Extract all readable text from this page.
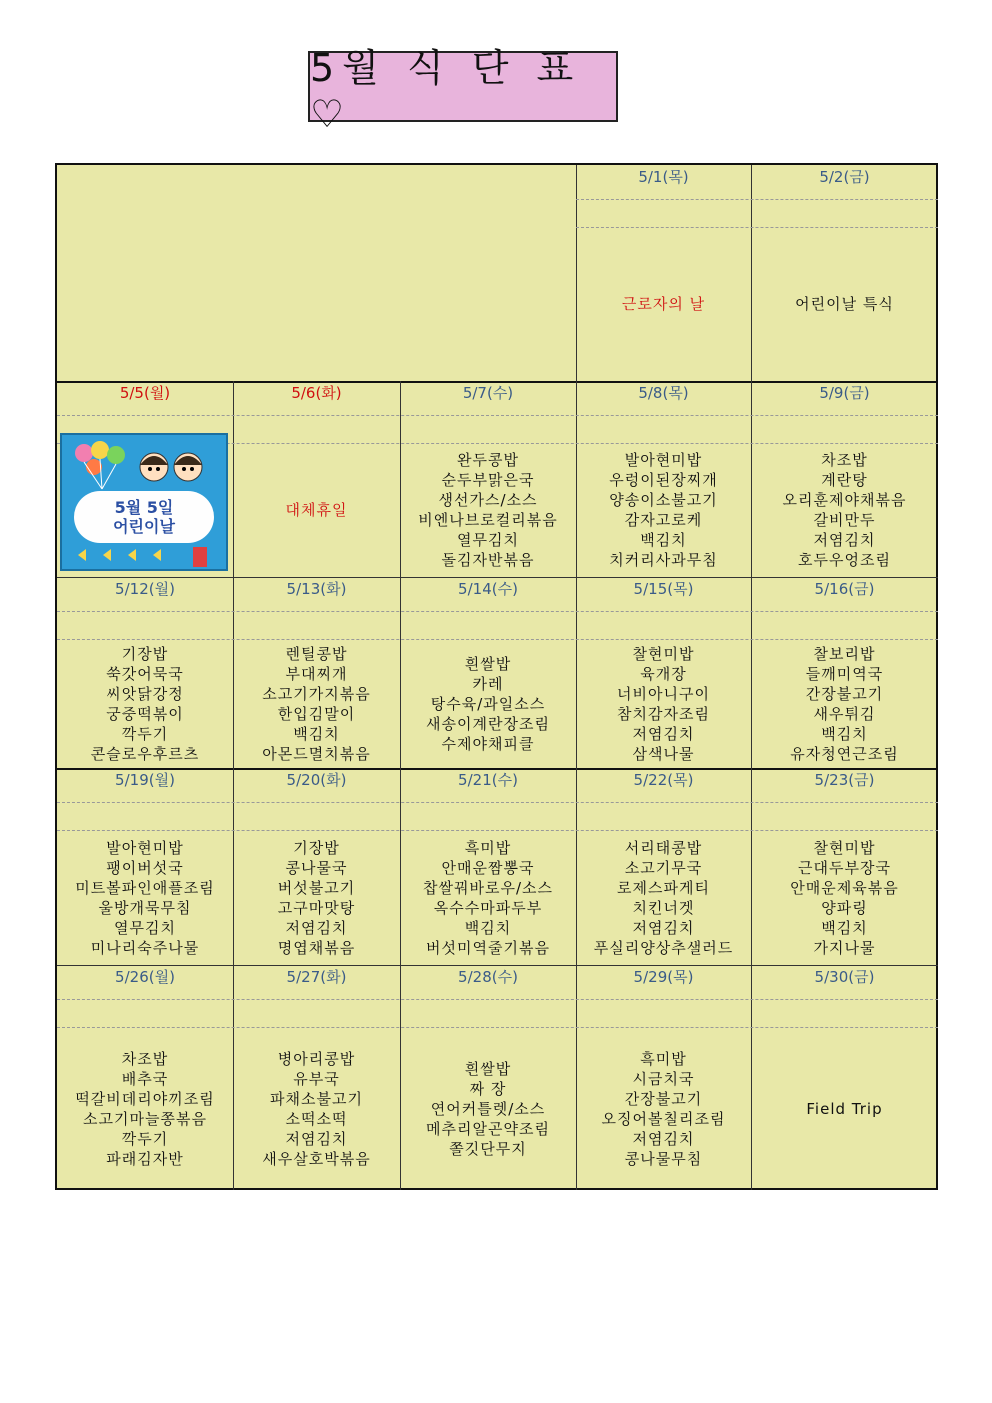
5월 식 단 표♡
5/1(목)
근로자의 날
5/2(금)
어린이날 특식
5/5(월)	5/6(화)
대체휴일
5/7(수)
완두콩밥
순두부맑은국
생선가스/소스
비엔나브로컬리볶음
열무김치
돌김자반볶음
5/8(목)
발아현미밥
우렁이된장찌개
양송이소불고기
감자고로케
백김치
치커리사과무침
5/9(금)
차조밥
계란탕
오리훈제야채볶음
갈비만두
저염김치
호두우엉조림
5/12(월)
기장밥
쑥갓어묵국
씨앗닭강정
궁중떡볶이
깍두기
콘슬로우후르츠
5/13(화)
렌틸콩밥
부대찌개
소고기가지볶음
한입김말이
백김치
아몬드멸치볶음
5/14(수)
흰쌀밥
카레
탕수육/과일소스
새송이계란장조림
수제야채피클
5/15(목)
찰현미밥
육개장
너비아니구이
참치감자조림
저염김치
삼색나물
5/16(금)
찰보리밥
들깨미역국
간장불고기
새우튀김
백김치
유자청연근조림
5/19(월)
발아현미밥
팽이버섯국
미트볼파인애플조림
울방개묵무침
열무김치
미나리숙주나물
5/20(화)
기장밥
콩나물국
버섯불고기
고구마맛탕
저염김치
명엽채볶음
5/21(수)
흑미밥
안매운짬뽕국
찹쌀꿔바로우/소스
옥수수마파두부
백김치
버섯미역줄기볶음
5/22(목)
서리태콩밥
소고기무국
로제스파게티
치킨너겟
저염김치
푸실리양상추샐러드
5/23(금)
찰현미밥
근대두부장국
안매운제육볶음
양파링
백김치
가지나물
5/26(월)
차조밥
배추국
떡갈비데리야끼조림
소고기마늘쫑볶음
깍두기
파래김자반
5/27(화)
병아리콩밥
유부국
파채소불고기
소떡소떡
저염김치
새우살호박볶음
5/28(수)
흰쌀밥
짜 장
연어커틀렛/소스
메추리알곤약조림
쫄깃단무지
5/29(목)
흑미밥
시금치국
간장불고기
오징어볼칠리조림
저염김치
콩나물무침
5/30(금)
Field Trip
5월 5일
어린이날
